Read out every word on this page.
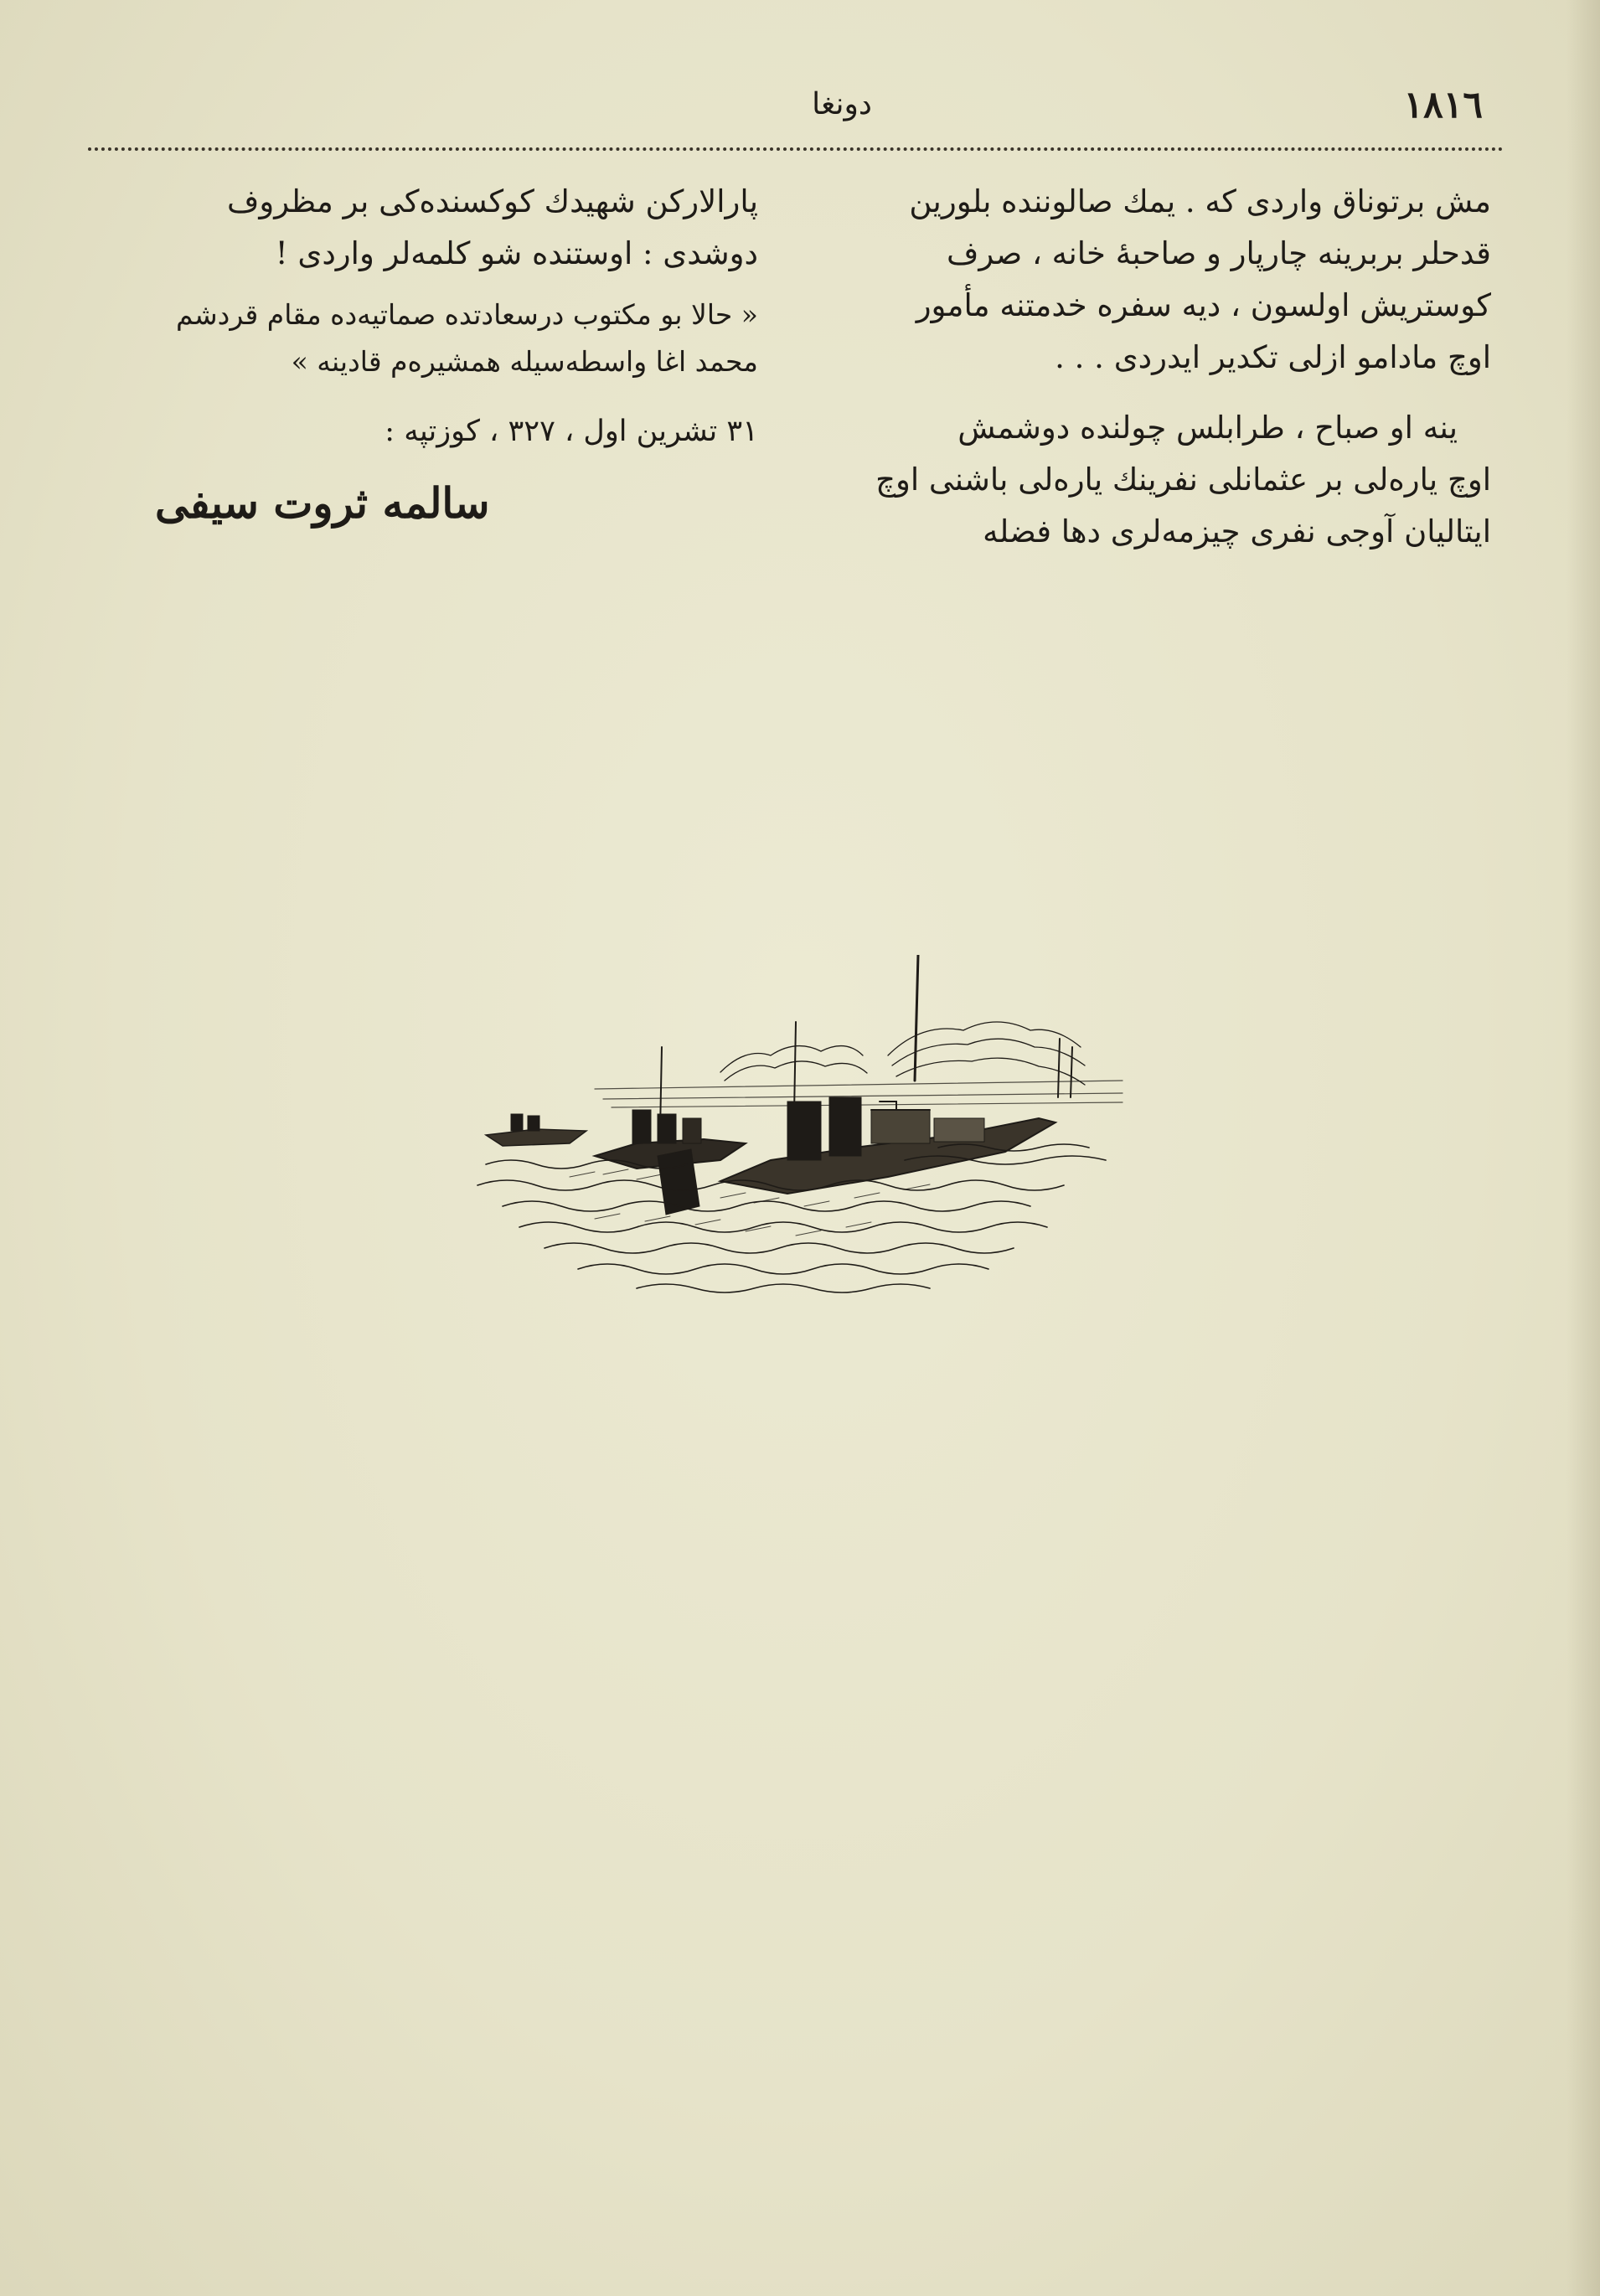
١٨١٦
دونغا
مش برتوناق واردی که . یمك صالوننده بلورین
قدحلر بربرینه چارپار و صاحبهٔ خانه ، صرف
کوستریش اولسون ، دیه سفره خدمتنه مأمور
اوچ مادامو ازلی تکدیر ایدردی . . .
ینه او صباح ، طرابلس چولنده دوشمش
اوچ یاره‌لی بر عثمانلی نفرینك یاره‌لی باشنی اوچ
ایتالیان آوجی نفری چیزمه‌لری دها فضله
پارالارکن شهیدك کوکسنده‌کی بر مظروف
دوشدی : اوستنده شو کلمه‌لر واردی !
« حالا بو مکتوب درسعادتده صماتیه‌ده مقام قردشم
محمد اغا واسطه‌سیله همشیره‌م قادینه »
٣١ تشرین اول ، ٣٢٧ ، کوزتپه :
سالمه ثروت سیفی
